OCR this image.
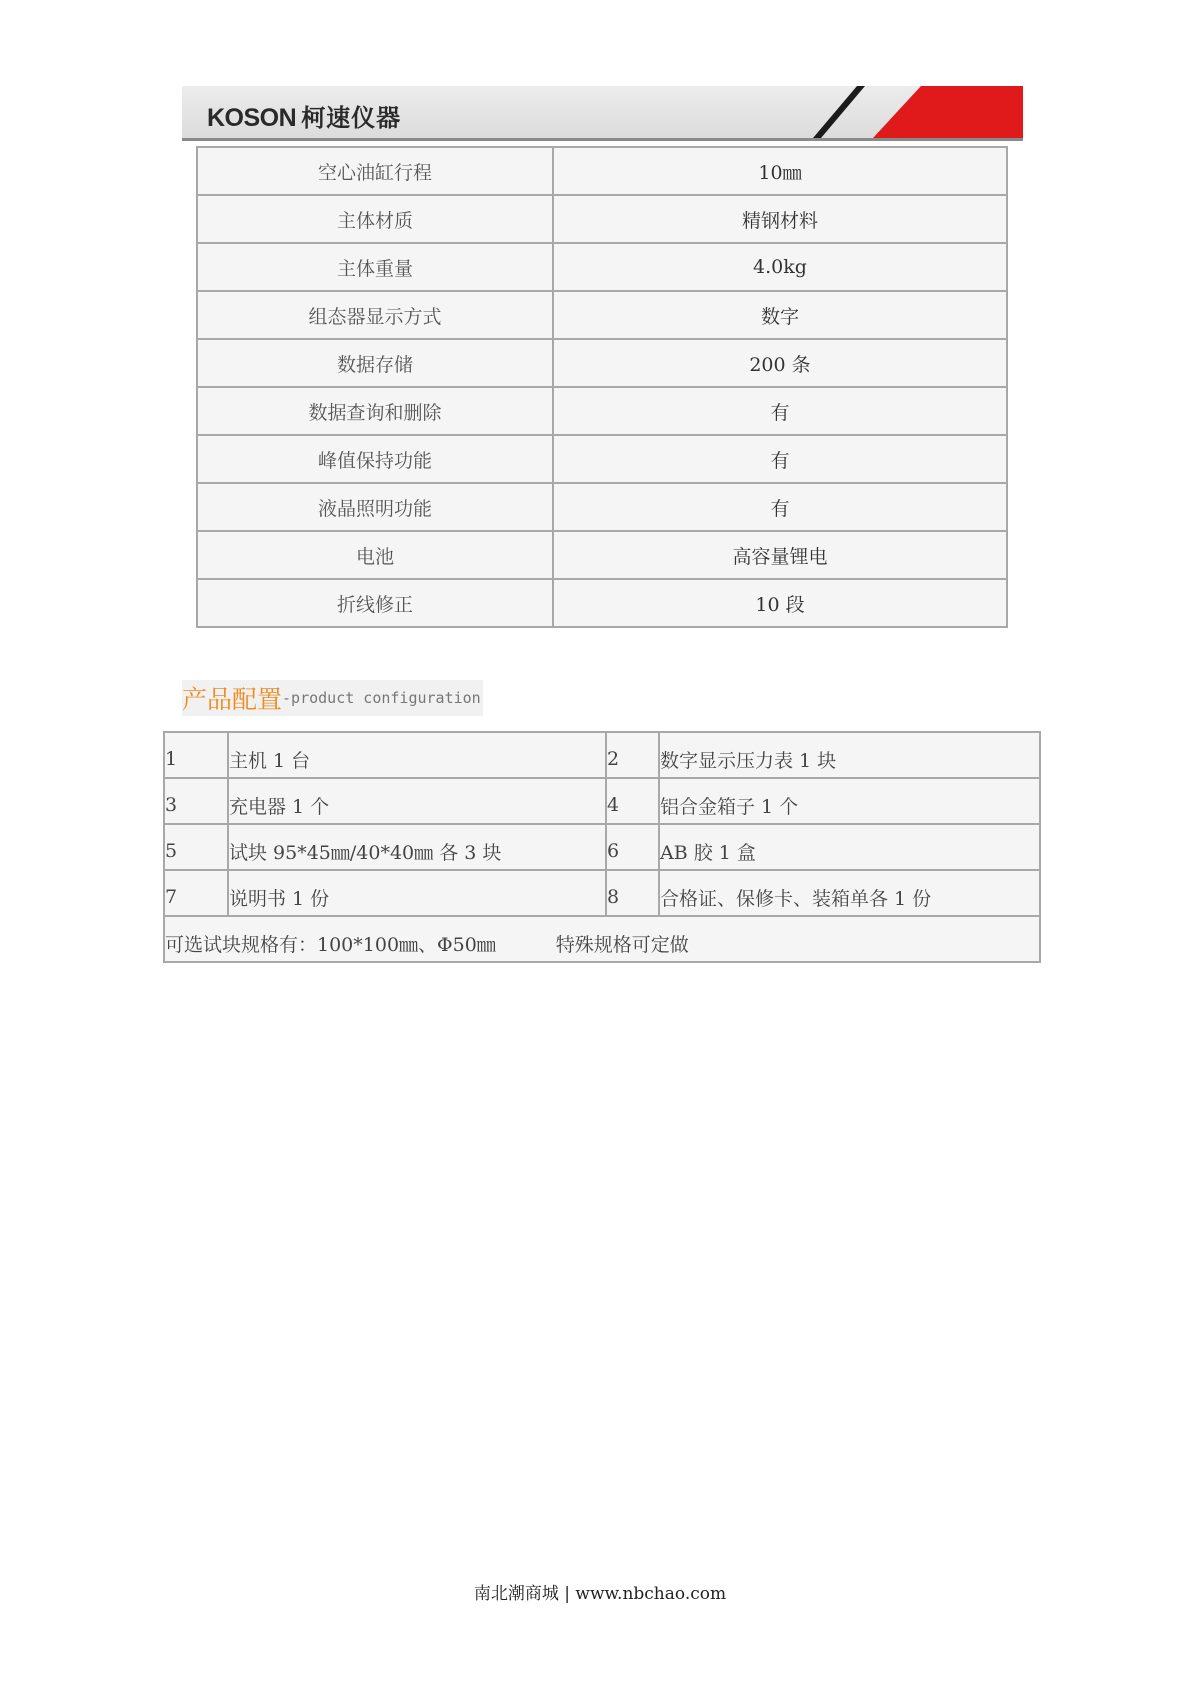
KOSON 柯速仪器
空心油缸行程	10㎜
主体材质	精钢材料
主体重量	4.0kg
组态器显示方式	数字
数据存储	200 条
数据查询和删除	有
峰值保持功能	有
液晶照明功能	有
电池	高容量锂电
折线修正	10 段
产品配置-product configuration
1	主机 1 台	2	数字显示压力表 1 块
3	充电器 1 个	4	铝合金箱子 1 个
5	试块 95*45㎜/40*40㎜ 各 3 块	6	AB 胶 1 盒
7	说明书 1 份	8	合格证、保修卡、装箱单各 1 份
可选试块规格有：100*100㎜、Φ50㎜ 特殊规格可定做			
南北潮商城 | www.nbchao.com
